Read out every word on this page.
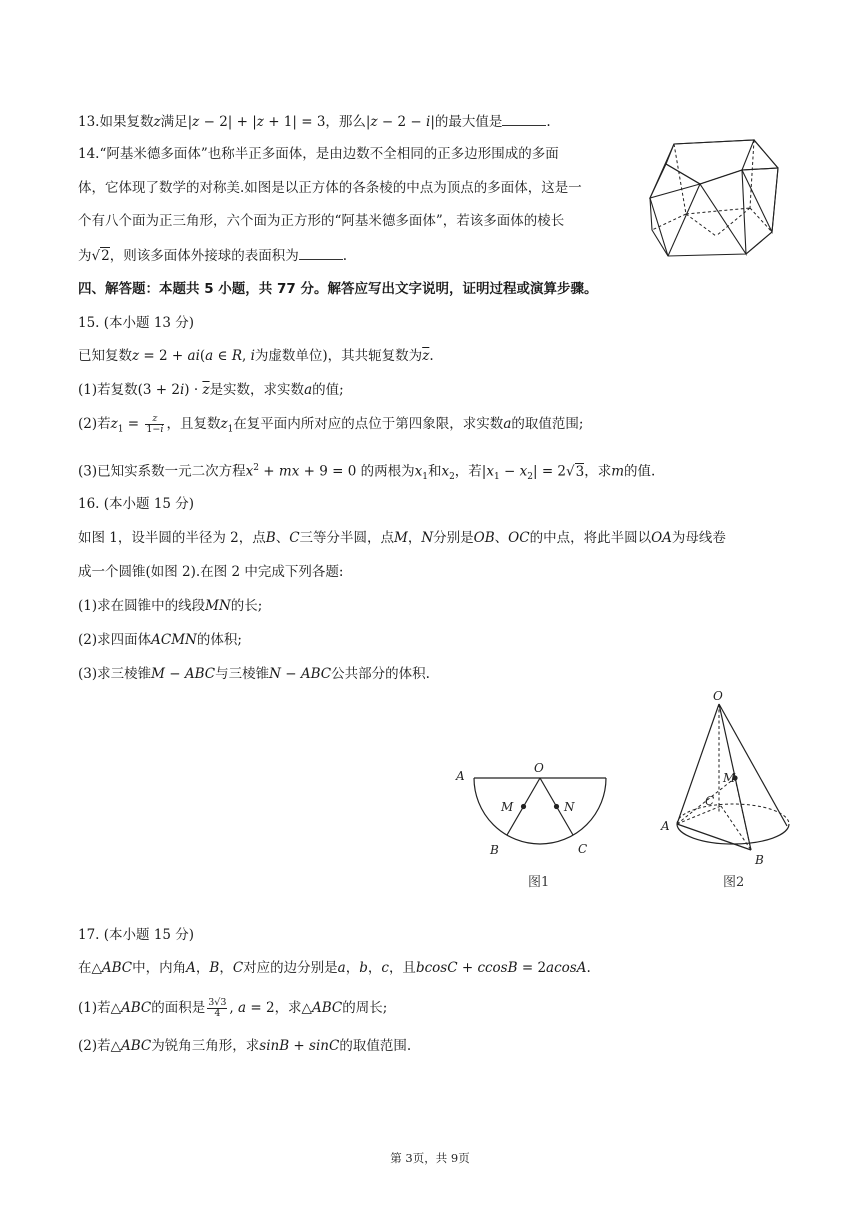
13.如果复数z满足|z − 2| + |z + 1| = 3，那么|z − 2 − i|的最大值是	.
14.“阿基米德多面体”也称半正多面体，是由边数不全相同的正多边形围成的多面
体，它体现了数学的对称美.如图是以正方体的各条棱的中点为顶点的多面体，这是一
个有八个面为正三角形，六个面为正方形的“阿基米德多面体”，若该多面体的棱长
为√2，则该多面体外接球的表面积为	.
四、解答题：本题共 5 小题，共 77 分。解答应写出文字说明，证明过程或演算步骤。
15. (本小题 13 分)
已知复数z = 2 + ai(a ∈ R, i为虚数单位)，其共轭复数为$\overline{z}$.
(1)若复数$(3 + 2i) \cdot \overline{z}$是实数，求实数a的值;
(2)若$z_1 = \frac{z}{1-i}$ ，且复数$z_1$在复平面内所对应的点位于第四象限，求实数a的取值范围;
(3)已知实系数一元二次方程$x^2$ + mx + 9 = 0 的两根为$x_1$和$x_2$，若$|x_1 - x_2| = 2√3$，求m的值.
16. (本小题 15 分)
如图 1，设半圆的半径为 2，点B、C三等分半圆，点M，N分别是OB、OC的中点，将此半圆以OA为母线卷
成一个圆锥(如图 2).在图 2 中完成下列各题:
(1)求在圆锥中的线段MN的长;
(2)求四面体ACMN的体积;
(3)求三棱锥M − ABC与三棱锥N − ABC公共部分的体积.
A
O
M	N
B	C
图1
O
M
C
A
B
图2
17. (本小题 15 分)
在△ABC中，内角A，B，C对应的边分别是a，b，c，且bcosC + ccosB = 2acosA.
(1)若△ABC的面积是 $\frac{3√3}{4}$ , a = 2，求△ABC的周长;
(2)若△ABC为锐角三角形，求sinB + sinC的取值范围.
第 3页，共 9页
